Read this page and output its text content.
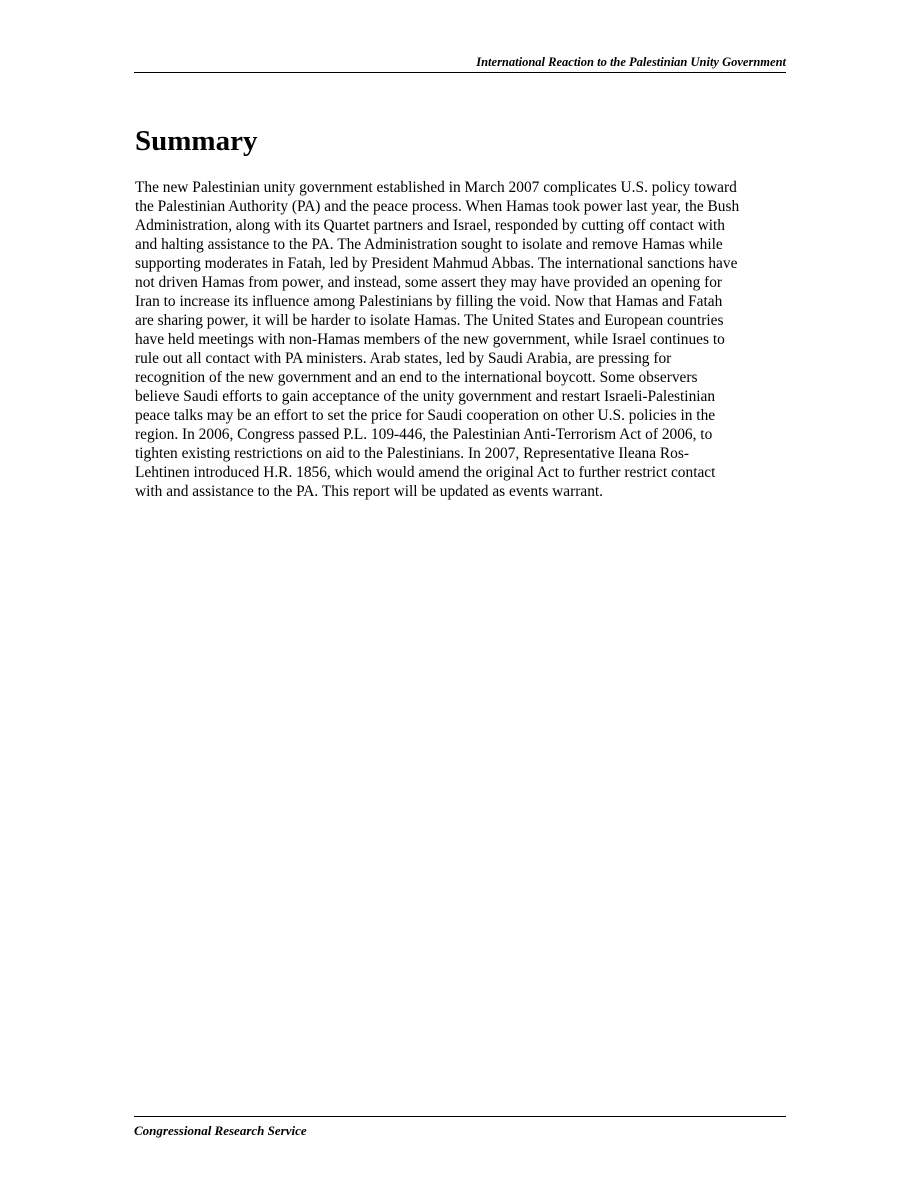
International Reaction to the Palestinian Unity Government
Summary
The new Palestinian unity government established in March 2007 complicates U.S. policy toward
the Palestinian Authority (PA) and the peace process. When Hamas took power last year, the Bush
Administration, along with its Quartet partners and Israel, responded by cutting off contact with
and halting assistance to the PA. The Administration sought to isolate and remove Hamas while
supporting moderates in Fatah, led by President Mahmud Abbas. The international sanctions have
not driven Hamas from power, and instead, some assert they may have provided an opening for
Iran to increase its influence among Palestinians by filling the void. Now that Hamas and Fatah
are sharing power, it will be harder to isolate Hamas. The United States and European countries
have held meetings with non-Hamas members of the new government, while Israel continues to
rule out all contact with PA ministers. Arab states, led by Saudi Arabia, are pressing for
recognition of the new government and an end to the international boycott. Some observers
believe Saudi efforts to gain acceptance of the unity government and restart Israeli-Palestinian
peace talks may be an effort to set the price for Saudi cooperation on other U.S. policies in the
region. In 2006, Congress passed P.L. 109-446, the Palestinian Anti-Terrorism Act of 2006, to
tighten existing restrictions on aid to the Palestinians. In 2007, Representative Ileana Ros-
Lehtinen introduced H.R. 1856, which would amend the original Act to further restrict contact
with and assistance to the PA. This report will be updated as events warrant.
Congressional Research Service
